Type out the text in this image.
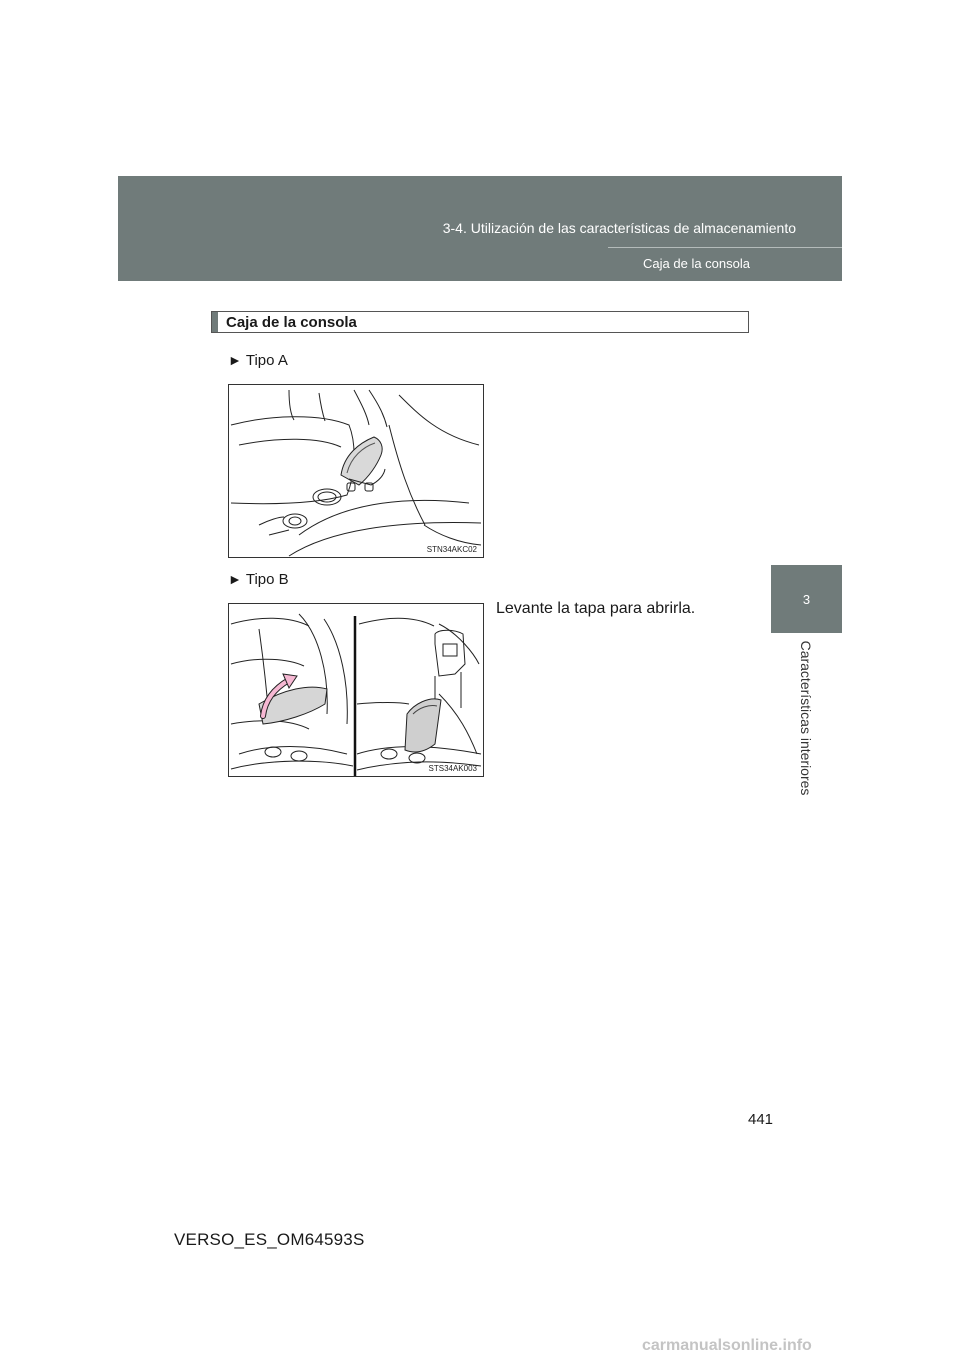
3-4. Utilización de las características de almacenamiento
Caja de la consola
3
Características interiores
Caja de la consola
► Tipo A
STN34AKC02
► Tipo B
STS34AK003
Levante la tapa para abrirla.
441
VERSO_ES_OM64593S
carmanualsonline.info
